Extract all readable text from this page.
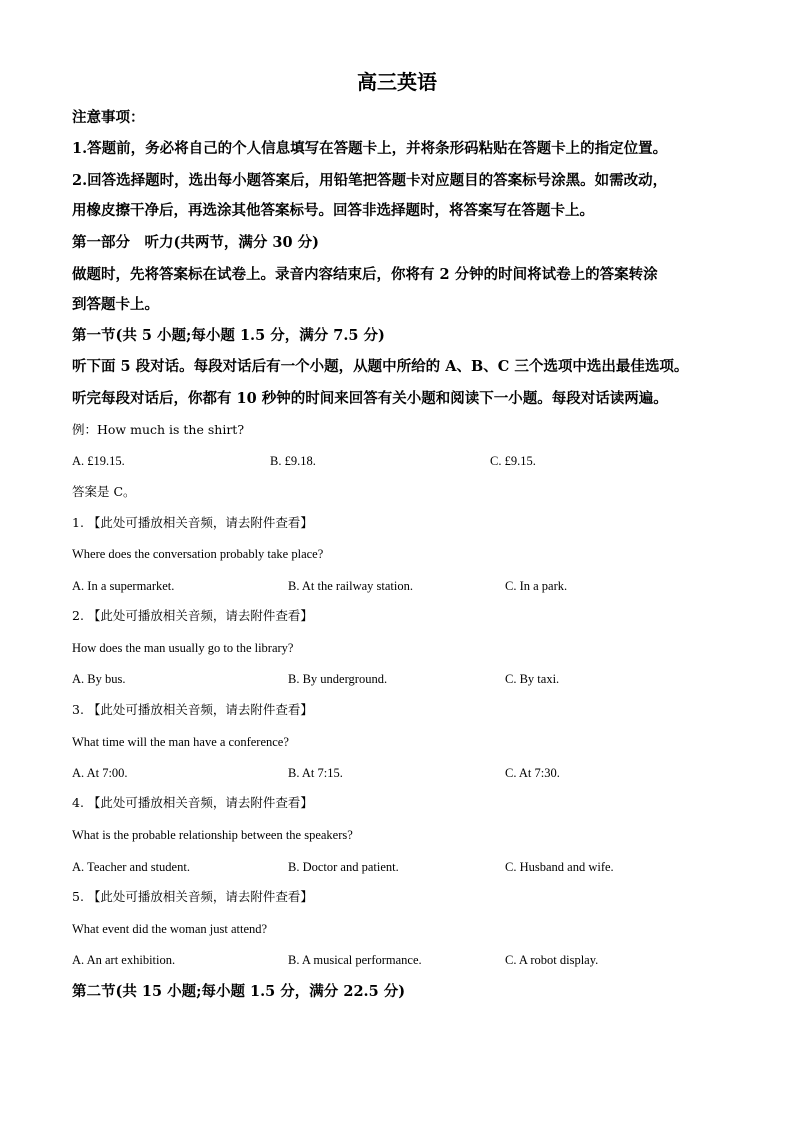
高三英语
注意事项：
1.答题前，务必将自己的个人信息填写在答题卡上，并将条形码粘贴在答题卡上的指定位置。
2.回答选择题时，选出每小题答案后，用铅笔把答题卡对应题目的答案标号涂黑。如需改动，
用橡皮擦干净后，再选涂其他答案标号。回答非选择题时，将答案写在答题卡上。
第一部分　听力(共两节，满分 30 分)
做题时，先将答案标在试卷上。录音内容结束后，你将有 2 分钟的时间将试卷上的答案转涂
到答题卡上。
第一节(共 5 小题;每小题 1.5 分，满分 7.5 分)
听下面 5 段对话。每段对话后有一个小题，从题中所给的 A、B、C 三个选项中选出最佳选项。
听完每段对话后，你都有 10 秒钟的时间来回答有关小题和阅读下一小题。每段对话读两遍。
例：How much is the shirt?
A. £19.15.	B. £9.18.	C. £9.15.
答案是 C。
1. 【此处可播放相关音频，请去附件查看】
Where does the conversation probably take place?
A. In a supermarket.	B. At the railway station.	C. In a park.
2. 【此处可播放相关音频，请去附件查看】
How does the man usually go to the library?
A. By bus.	B. By underground.	C. By taxi.
3. 【此处可播放相关音频，请去附件查看】
What time will the man have a conference?
A. At 7:00.	B. At 7:15.	C. At 7:30.
4. 【此处可播放相关音频，请去附件查看】
What is the probable relationship between the speakers?
A. Teacher and student.	B. Doctor and patient.	C. Husband and wife.
5. 【此处可播放相关音频，请去附件查看】
What event did the woman just attend?
A. An art exhibition.	B. A musical performance.	C. A robot display.
第二节(共 15 小题;每小题 1.5 分，满分 22.5 分)
